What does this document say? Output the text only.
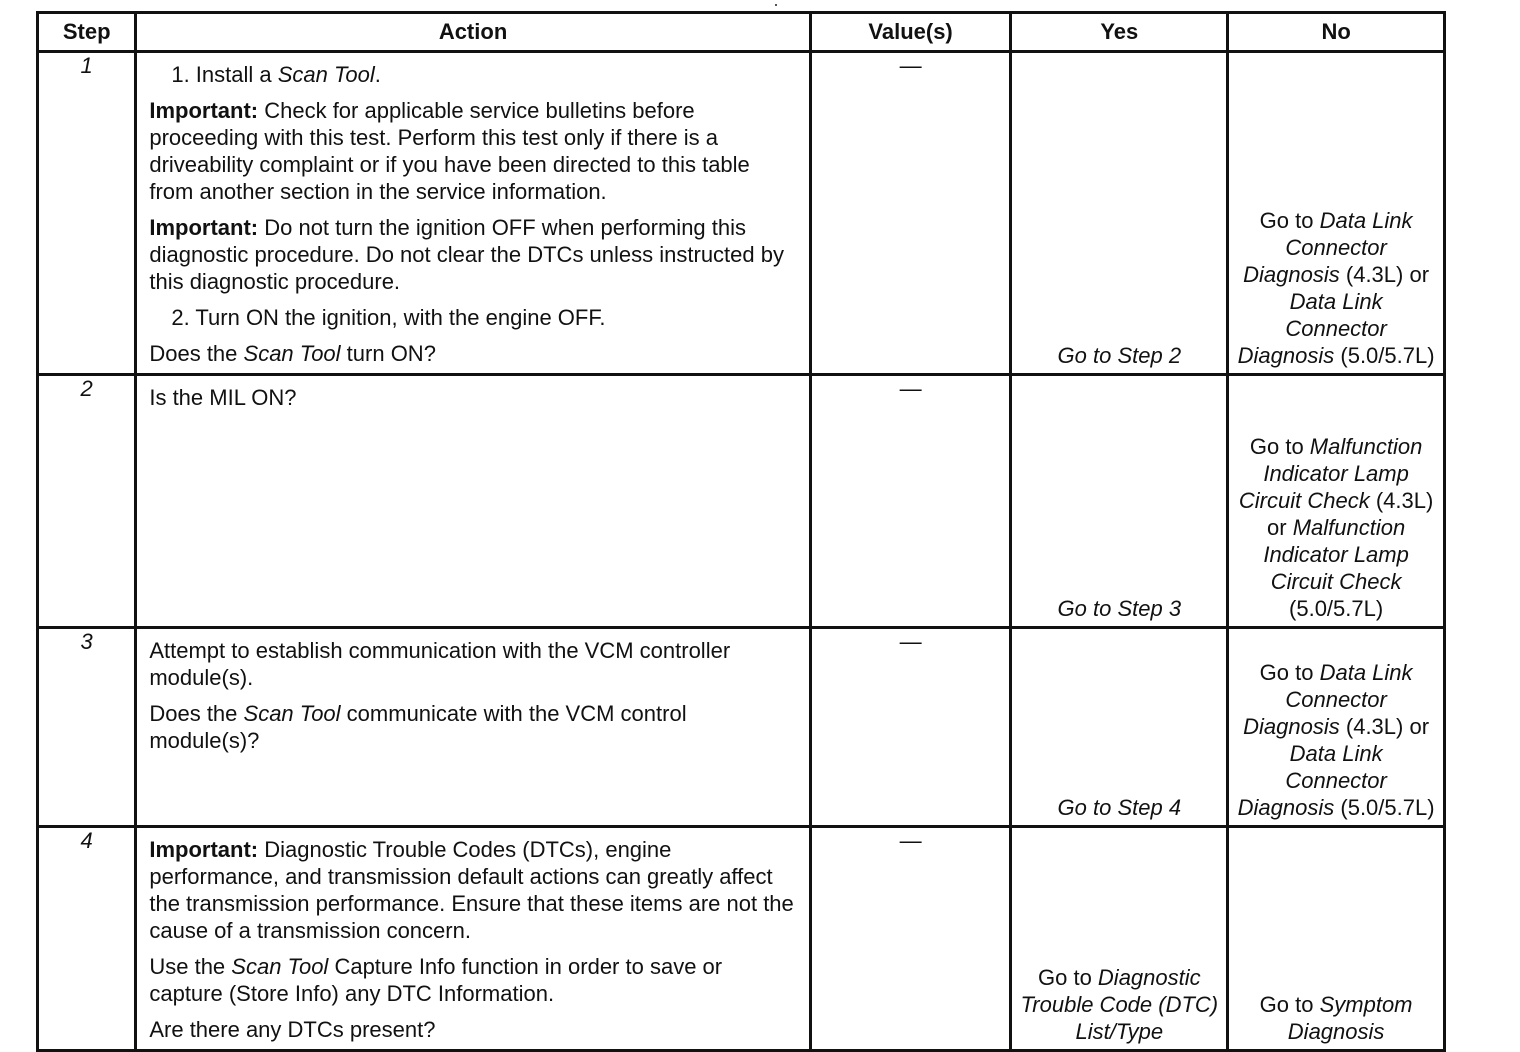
Step	Action	Value(s)	Yes	No
1	1. Install a Scan Tool.

Important: Check for applicable service bulletins before proceeding with this test. Perform this test only if there is a driveability complaint or if you have been directed to this table from another section in the service information.

Important: Do not turn the ignition OFF when performing this diagnostic procedure. Do not clear the DTCs unless instructed by this diagnostic procedure.

2. Turn ON the ignition, with the engine OFF.

Does the Scan Tool turn ON?	—	Go to Step 2	Go to Data Link Connector Diagnosis (4.3L) or Data Link Connector Diagnosis (5.0/5.7L)

2	Is the MIL ON?	—	Go to Step 3	Go to Malfunction Indicator Lamp Circuit Check (4.3L) or Malfunction Indicator Lamp Circuit Check (5.0/5.7L)

3	Attempt to establish communication with the VCM controller module(s).

Does the Scan Tool communicate with the VCM control module(s)?	—	Go to Step 4	Go to Data Link Connector Diagnosis (4.3L) or Data Link Connector Diagnosis (5.0/5.7L)

4	Important: Diagnostic Trouble Codes (DTCs), engine performance, and transmission default actions can greatly affect the transmission performance. Ensure that these items are not the cause of a transmission concern.

Use the Scan Tool Capture Info function in order to save or capture (Store Info) any DTC Information.

Are there any DTCs present?	—	Go to Diagnostic Trouble Code (DTC) List/Type	Go to Symptom Diagnosis
